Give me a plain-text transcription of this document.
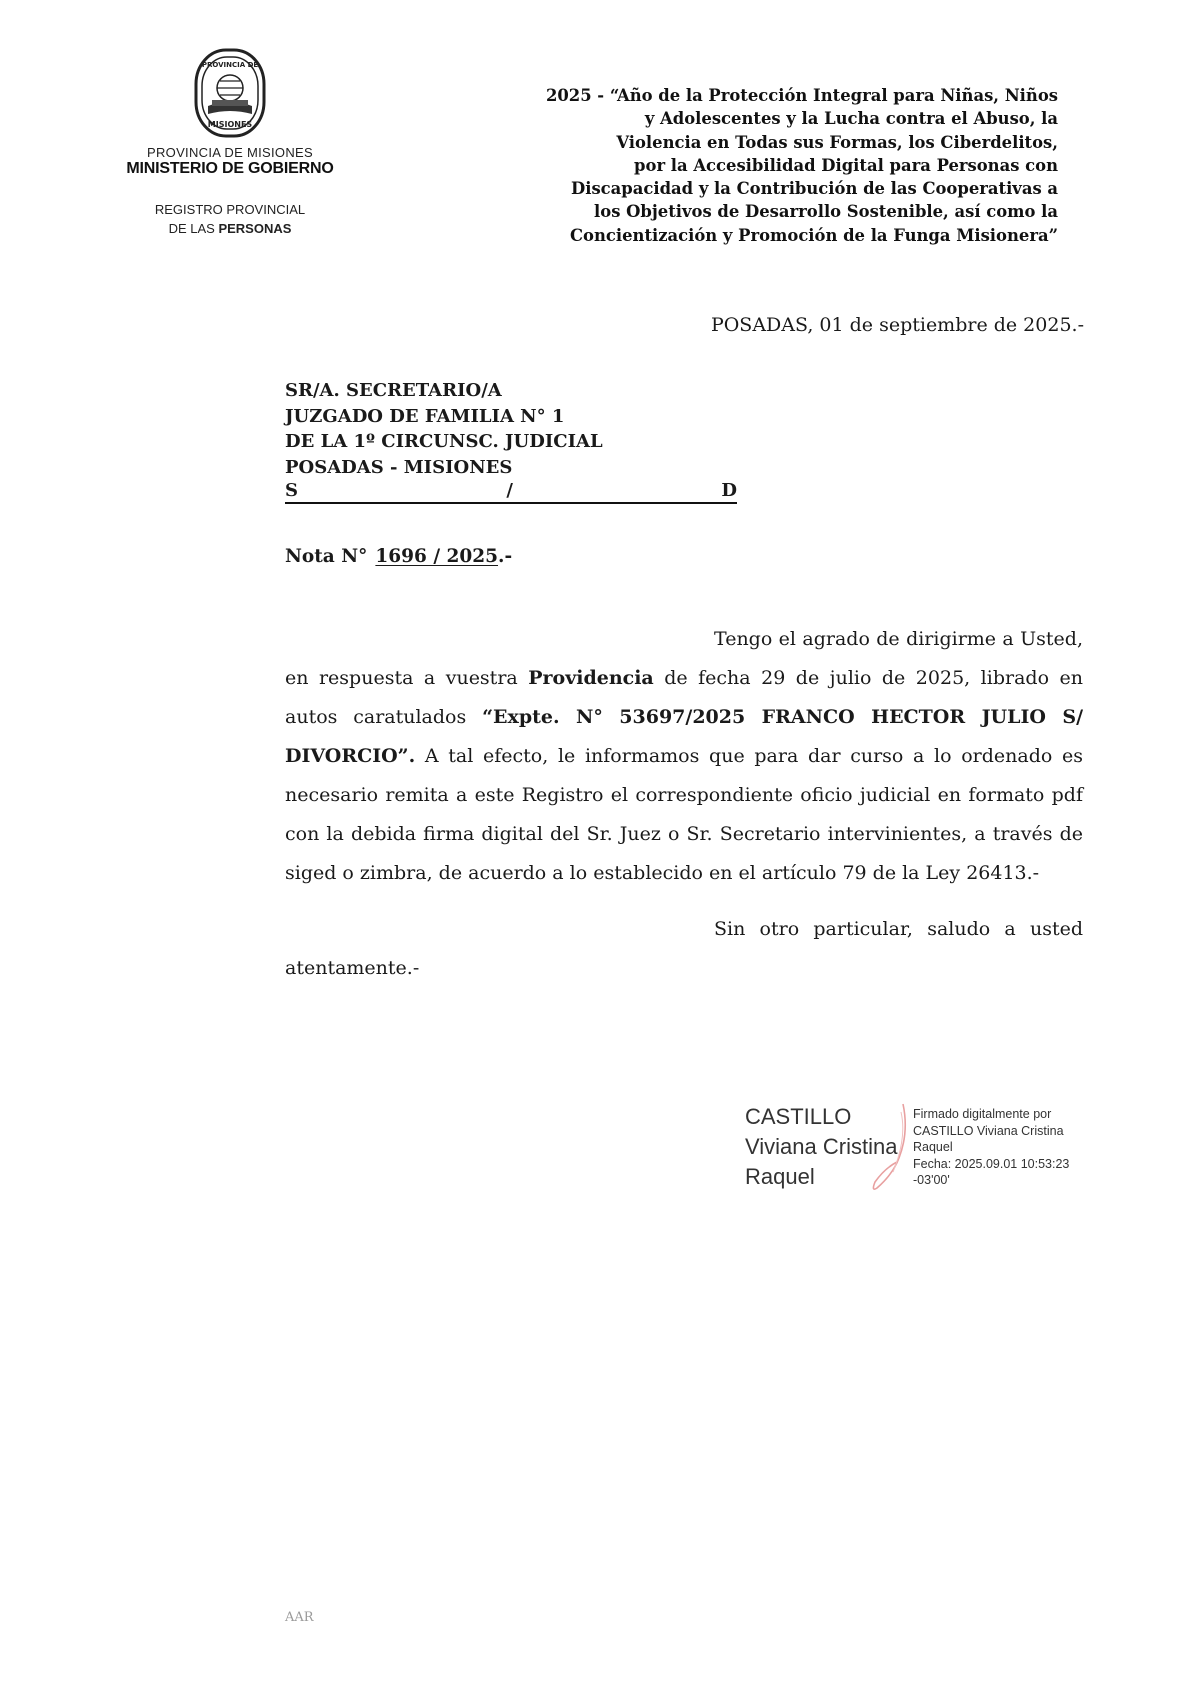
PROVINCIA DE
MISIONES
PROVINCIA DE MISIONES
MINISTERIO DE GOBIERNO
REGISTRO PROVINCIAL
DE LAS PERSONAS
2025 - “Año de la Protección Integral para Niñas, Niños
y Adolescentes y la Lucha contra el Abuso, la
Violencia en Todas sus Formas, los Ciberdelitos,
por la Accesibilidad Digital para Personas con
Discapacidad y la Contribución de las Cooperativas a
los Objetivos de Desarrollo Sostenible, así como la
Concientización y Promoción de la Funga Misionera”
POSADAS, 01 de septiembre de 2025.-
SR/A. SECRETARIO/A
JUZGADO DE FAMILIA N° 1
DE LA 1º CIRCUNSC. JUDICIAL
POSADAS - MISIONES
S	/	D
Nota N° 1696 / 2025.-
Tengo el agrado de dirigirme a Usted, en respuesta a vuestra Providencia de fecha 29 de julio de 2025, librado en autos caratulados “Expte. N° 53697/2025 FRANCO HECTOR JULIO S/ DIVORCIO”. A tal efecto, le informamos que para dar curso a lo ordenado es necesario remita a este Registro el correspondiente oficio judicial en formato pdf con la debida firma digital del Sr. Juez o Sr. Secretario intervinientes, a través de siged o zimbra, de acuerdo a lo establecido en el artículo 79 de la Ley 26413.-
Sin otro particular, saludo a usted atentamente.-
CASTILLO
Viviana Cristina
Raquel
Firmado digitalmente por
CASTILLO Viviana Cristina
Raquel
Fecha: 2025.09.01 10:53:23
-03'00'
AAR
